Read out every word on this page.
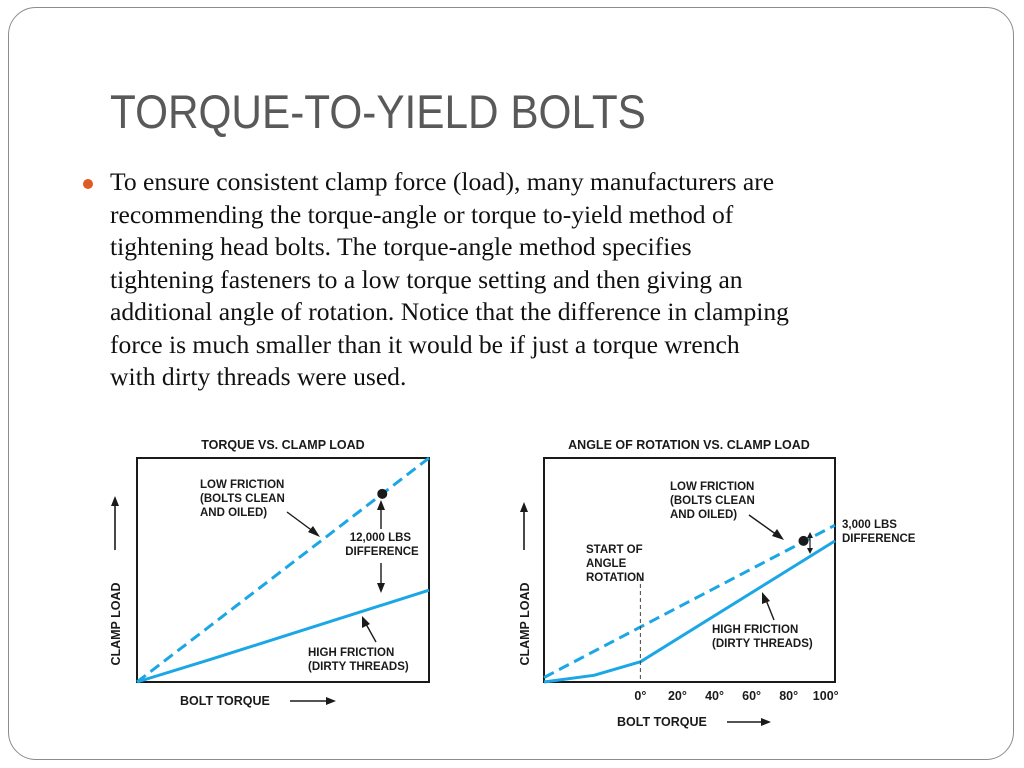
TORQUE-TO-YIELD BOLTS
To ensure consistent clamp force (load), many manufacturers are
recommending the torque-angle or torque to-yield method of
tightening head bolts. The torque-angle method specifies
tightening fasteners to a low torque setting and then giving an
additional angle of rotation. Notice that the difference in clamping
force is much smaller than it would be if just a torque wrench
with dirty threads were used.
TORQUE VS. CLAMP LOAD
CLAMP LOAD
BOLT TORQUE
LOW FRICTION (BOLTS CLEAN AND OILED)
12,000 LBS DIFFERENCE
HIGH FRICTION (DIRTY THREADS)
ANGLE OF ROTATION VS. CLAMP LOAD
0° 20° 40° 60° 80° 100°
CLAMP LOAD
BOLT TORQUE
START OF ANGLE ROTATION
LOW FRICTION (BOLTS CLEAN AND OILED)
3,000 LBS DIFFERENCE
HIGH FRICTION (DIRTY THREADS)
